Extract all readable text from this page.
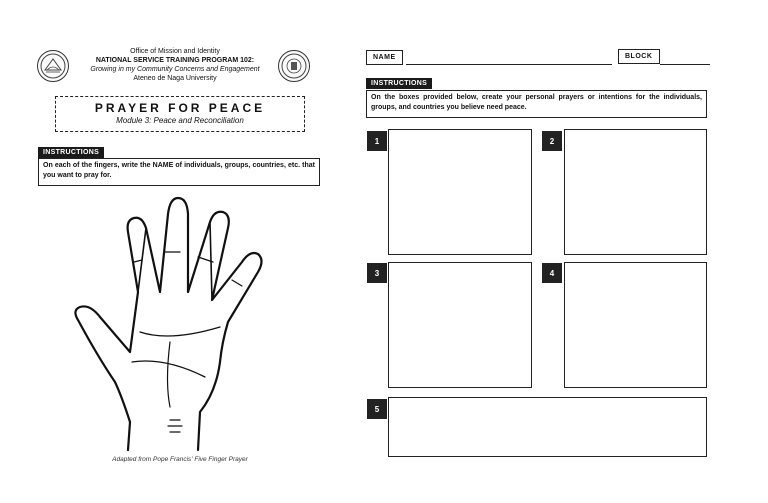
Office of Mission and Identity
NATIONAL SERVICE TRAINING PROGRAM 102:
Growing in my Community Concerns and Engagement
Ateneo de Naga University
PRAYER FOR PEACE
Module 3: Peace and Reconciliation
INSTRUCTIONS
On each of the fingers, write the NAME of individuals, groups, countries, etc. that you want to pray for.
Adapted from Pope Francis' Five Finger Prayer
NAME	BLOCK
INSTRUCTIONS
On the boxes provided below, create your personal prayers or intentions for the individuals, groups, and countries you believe need peace.
1	2
3	4
5
